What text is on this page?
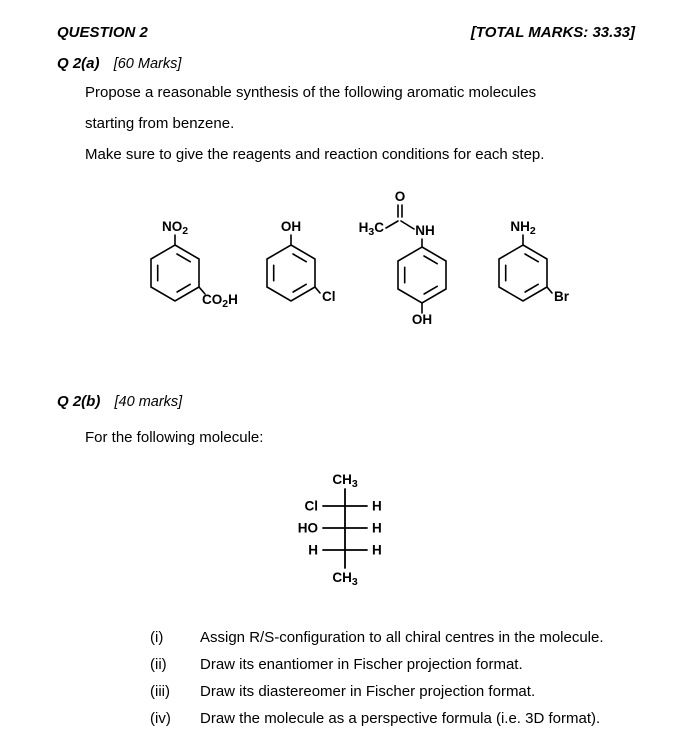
QUESTION 2	[TOTAL MARKS: 33.33]
Q 2(a) [60 Marks]
Propose a reasonable synthesis of the following aromatic molecules
starting from benzene.
Make sure to give the reagents and reaction conditions for each step.
$NO_2$
$CO_2H$
OH
Cl
NH
O
$H_3C$
OH
$NH_2$
Br
Q 2(b) [40 marks]
For the following molecule:
$CH_3$
Cl	H
HO	H
H	H
$CH_3$
(i)	Assign R/S-configuration to all chiral centres in the molecule.
(ii)	Draw its enantiomer in Fischer projection format.
(iii)	Draw its diastereomer in Fischer projection format.
(iv)	Draw the molecule as a perspective formula (i.e. 3D format).
